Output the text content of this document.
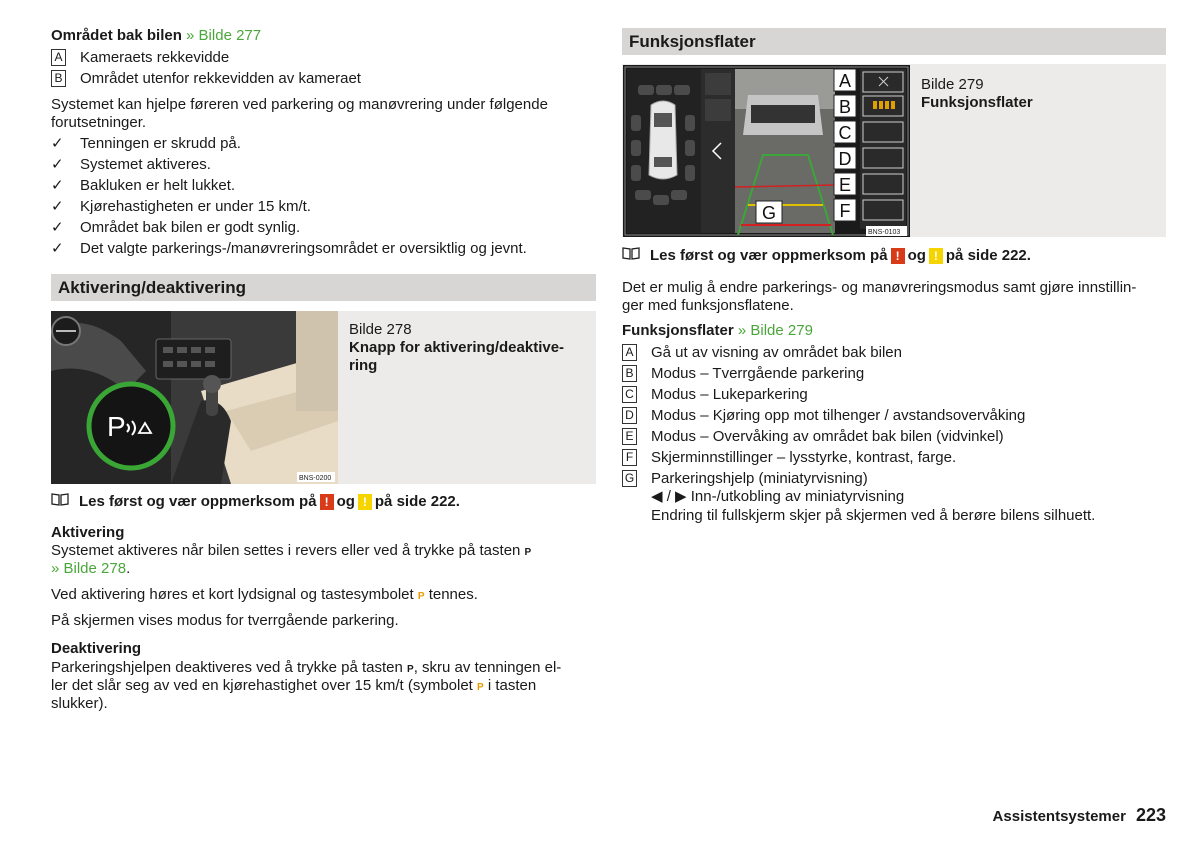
Området bak bilen » Bilde 277
A Kameraets rekkevidde
B Området utenfor rekkevidden av kameraet
Systemet kan hjelpe føreren ved parkering og manøvrering under følgende
forutsetninger.
✓ Tenningen er skrudd på.
✓ Systemet aktiveres.
✓ Bakluken er helt lukket.
✓ Kjørehastigheten er under 15 km/t.
✓ Området bak bilen er godt synlig.
✓ Det valgte parkerings-/manøvreringsområdet er oversiktlig og jevnt.
Aktivering/deaktivering
P
BNS-0200
Bilde 278
Knapp for aktivering/deaktive-
ring
Les først og vær oppmerksom på ! og ! på side 222.
Aktivering
Systemet aktiveres når bilen settes i revers eller ved å trykke på tasten P
» Bilde 278.
Ved aktivering høres et kort lydsignal og tastesymbolet P tennes.
På skjermen vises modus for tverrgående parkering.
Deaktivering
Parkeringshjelpen deaktiveres ved å trykke på tasten P, skru av tenningen el-
ler det slår seg av ved en kjørehastighet over 15 km/t (symbolet P i tasten
slukker).
Funksjonsflater
A
B
C
D
E
F
G
BNS-0103
Bilde 279
Funksjonsflater
Les først og vær oppmerksom på ! og ! på side 222.
Det er mulig å endre parkerings- og manøvreringsmodus samt gjøre innstillin-
ger med funksjonsflatene.
Funksjonsflater » Bilde 279
A Gå ut av visning av området bak bilen
B Modus – Tverrgående parkering
C Modus – Lukeparkering
D Modus – Kjøring opp mot tilhenger / avstandsovervåking
E Modus – Overvåking av området bak bilen (vidvinkel)
F Skjerminnstillinger – lysstyrke, kontrast, farge.
G Parkeringshjelp (miniatyrvisning)
◀ / ▶ Inn-/utkobling av miniatyrvisning
Endring til fullskjerm skjer på skjermen ved å berøre bilens silhuett.
Assistentsystemer 223
